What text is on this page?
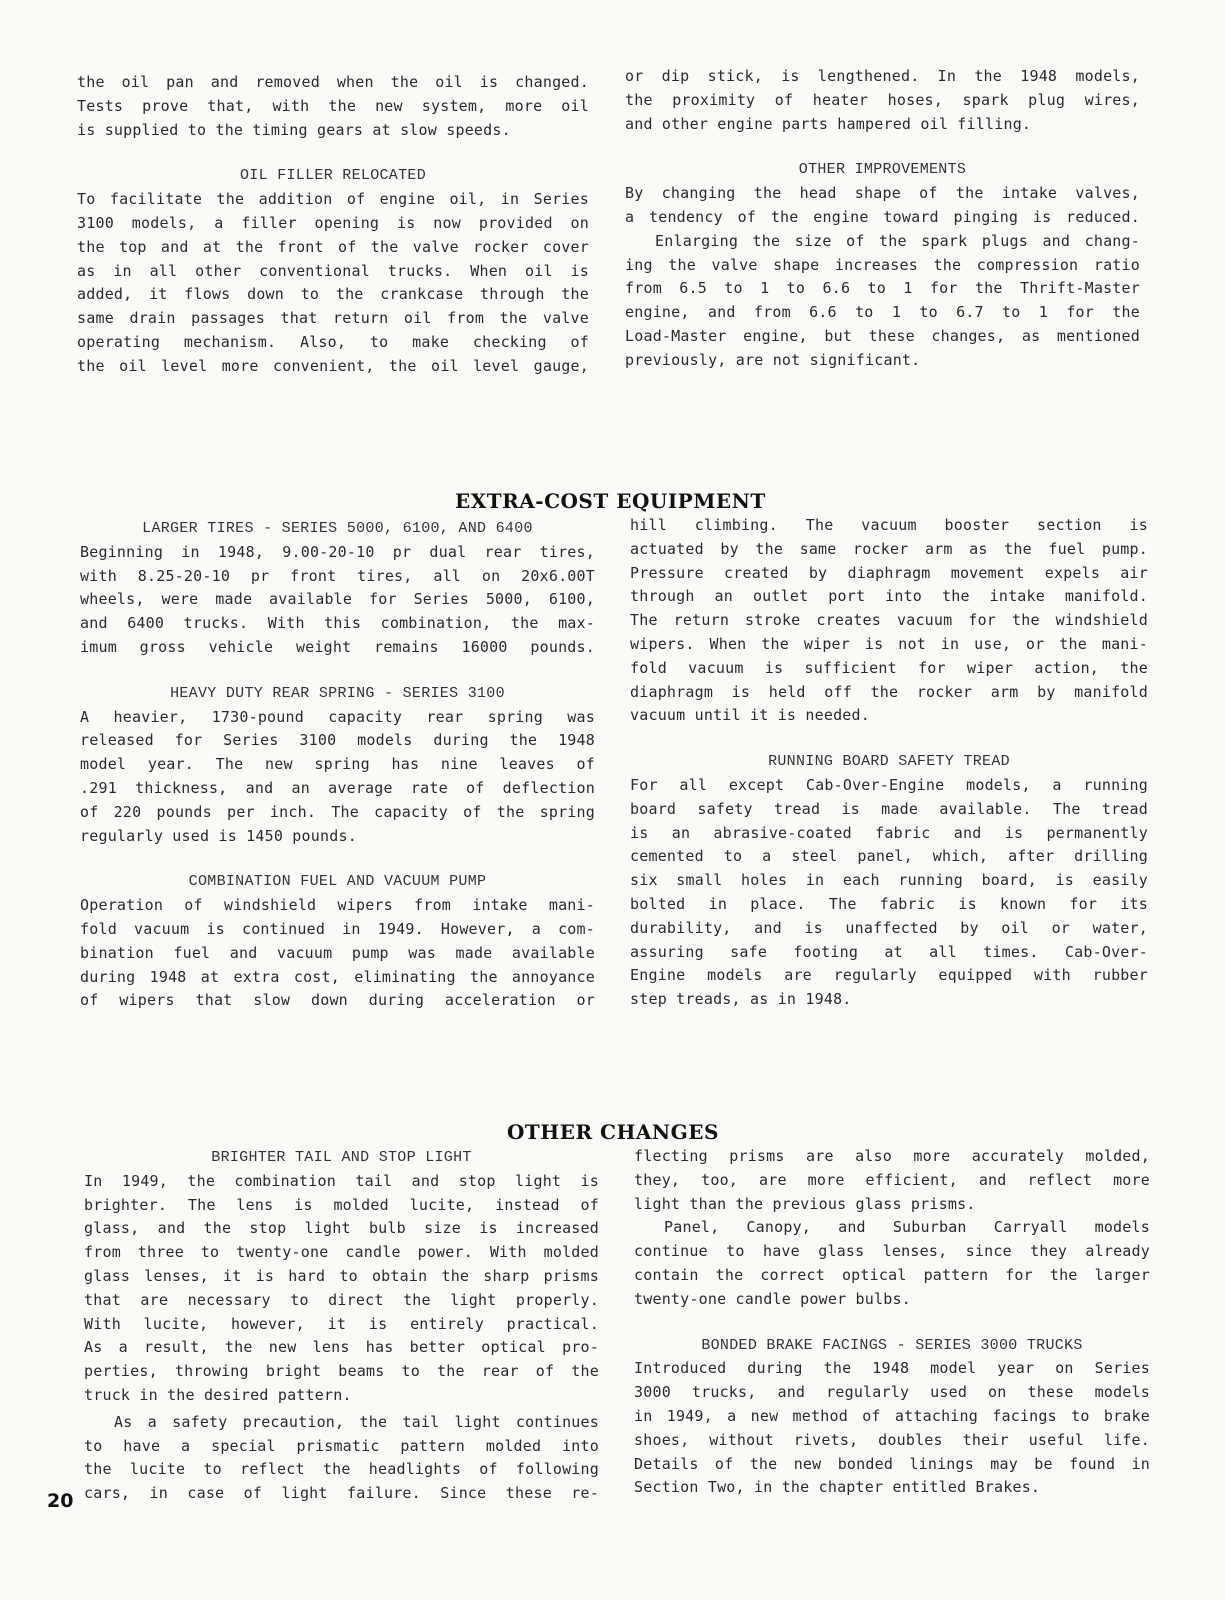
the oil pan and removed when the oil is changed.
Tests prove that, with the new system, more oil
is supplied to the timing gears at slow speeds.
OIL FILLER RELOCATED
To facilitate the addition of engine oil, in Series
3100 models, a filler opening is now provided on
the top and at the front of the valve rocker cover
as in all other conventional trucks. When oil is
added, it flows down to the crankcase through the
same drain passages that return oil from the valve
operating mechanism. Also, to make checking of
the oil level more convenient, the oil level gauge,
or dip stick, is lengthened. In the 1948 models,
the proximity of heater hoses, spark plug wires,
and other engine parts hampered oil filling.
OTHER IMPROVEMENTS
By changing the head shape of the intake valves,
a tendency of the engine toward pinging is reduced.
Enlarging the size of the spark plugs and chang-
ing the valve shape increases the compression ratio
from 6.5 to 1 to 6.6 to 1 for the Thrift-Master
engine, and from 6.6 to 1 to 6.7 to 1 for the
Load-Master engine, but these changes, as mentioned
previously, are not significant.
EXTRA-COST EQUIPMENT
LARGER TIRES - SERIES 5000, 6100, AND 6400
Beginning in 1948, 9.00-20-10 pr dual rear tires,
with 8.25-20-10 pr front tires, all on 20x6.00T
wheels, were made available for Series 5000, 6100,
and 6400 trucks. With this combination, the max-
imum gross vehicle weight remains 16000 pounds.
HEAVY DUTY REAR SPRING - SERIES 3100
A heavier, 1730-pound capacity rear spring was
released for Series 3100 models during the 1948
model year. The new spring has nine leaves of
.291 thickness, and an average rate of deflection
of 220 pounds per inch. The capacity of the spring
regularly used is 1450 pounds.
COMBINATION FUEL AND VACUUM PUMP
Operation of windshield wipers from intake mani-
fold vacuum is continued in 1949. However, a com-
bination fuel and vacuum pump was made available
during 1948 at extra cost, eliminating the annoyance
of wipers that slow down during acceleration or
hill climbing. The vacuum booster section is
actuated by the same rocker arm as the fuel pump.
Pressure created by diaphragm movement expels air
through an outlet port into the intake manifold.
The return stroke creates vacuum for the windshield
wipers. When the wiper is not in use, or the mani-
fold vacuum is sufficient for wiper action, the
diaphragm is held off the rocker arm by manifold
vacuum until it is needed.
RUNNING BOARD SAFETY TREAD
For all except Cab-Over-Engine models, a running
board safety tread is made available. The tread
is an abrasive-coated fabric and is permanently
cemented to a steel panel, which, after drilling
six small holes in each running board, is easily
bolted in place. The fabric is known for its
durability, and is unaffected by oil or water,
assuring safe footing at all times. Cab-Over-
Engine models are regularly equipped with rubber
step treads, as in 1948.
OTHER CHANGES
BRIGHTER TAIL AND STOP LIGHT
In 1949, the combination tail and stop light is
brighter. The lens is molded lucite, instead of
glass, and the stop light bulb size is increased
from three to twenty-one candle power. With molded
glass lenses, it is hard to obtain the sharp prisms
that are necessary to direct the light properly.
With lucite, however, it is entirely practical.
As a result, the new lens has better optical pro-
perties, throwing bright beams to the rear of the
truck in the desired pattern.
As a safety precaution, the tail light continues
to have a special prismatic pattern molded into
the lucite to reflect the headlights of following
cars, in case of light failure. Since these re-
flecting prisms are also more accurately molded,
they, too, are more efficient, and reflect more
light than the previous glass prisms.
Panel, Canopy, and Suburban Carryall models
continue to have glass lenses, since they already
contain the correct optical pattern for the larger
twenty-one candle power bulbs.
BONDED BRAKE FACINGS - SERIES 3000 TRUCKS
Introduced during the 1948 model year on Series
3000 trucks, and regularly used on these models
in 1949, a new method of attaching facings to brake
shoes, without rivets, doubles their useful life.
Details of the new bonded linings may be found in
Section Two, in the chapter entitled Brakes.
20
